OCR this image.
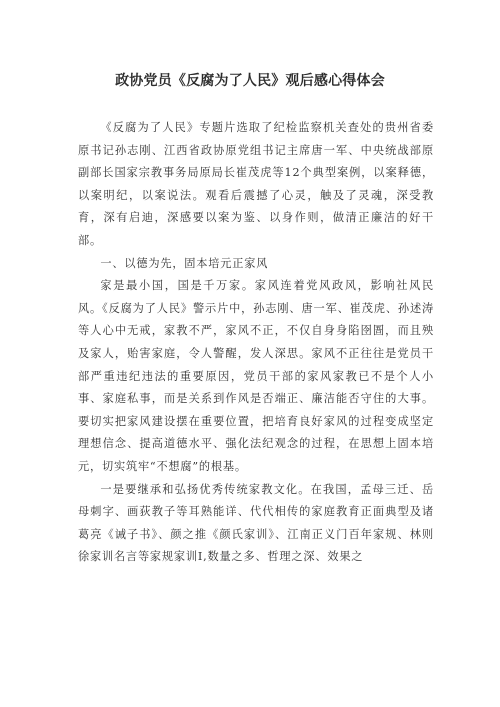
政协党员《反腐为了人民》观后感心得体会

《反腐为了人民》专题片选取了纪检监察机关查处的贵州省委原书记孙志刚、江西省政协原党组书记主席唐一军、中央统战部原副部长国家宗教事务局原局长崔茂虎等12个典型案例，以案释德，以案明纪，以案说法。观看后震撼了心灵，触及了灵魂，深受教育，深有启迪，深感要以案为鉴、以身作则，做清正廉洁的好干部。

一、以德为先，固本培元正家风

家是最小国，国是千万家。家风连着党风政风，影响社风民风。《反腐为了人民》警示片中，孙志刚、唐一军、崔茂虎、孙述涛等人心中无戒，家教不严，家风不正，不仅自身身陷囹圄，而且殃及家人，贻害家庭，令人警醒，发人深思。家风不正往往是党员干部严重违纪违法的重要原因，党员干部的家风家教已不是个人小事、家庭私事，而是关系到作风是否端正、廉洁能否守住的大事。要切实把家风建设摆在重要位置，把培育良好家风的过程变成坚定理想信念、提高道德水平、强化法纪观念的过程，在思想上固本培元，切实筑牢“不想腐”的根基。

一是要继承和弘扬优秀传统家教文化。在我国，孟母三迁、岳母刺字、画荻教子等耳熟能详、代代相传的家庭教育正面典型及诸葛亮《诫子书》、颜之推《颜氏家训》、江南正义门百年家规、林则徐家训名言等家规家训I,数量之多、哲理之深、效果之
